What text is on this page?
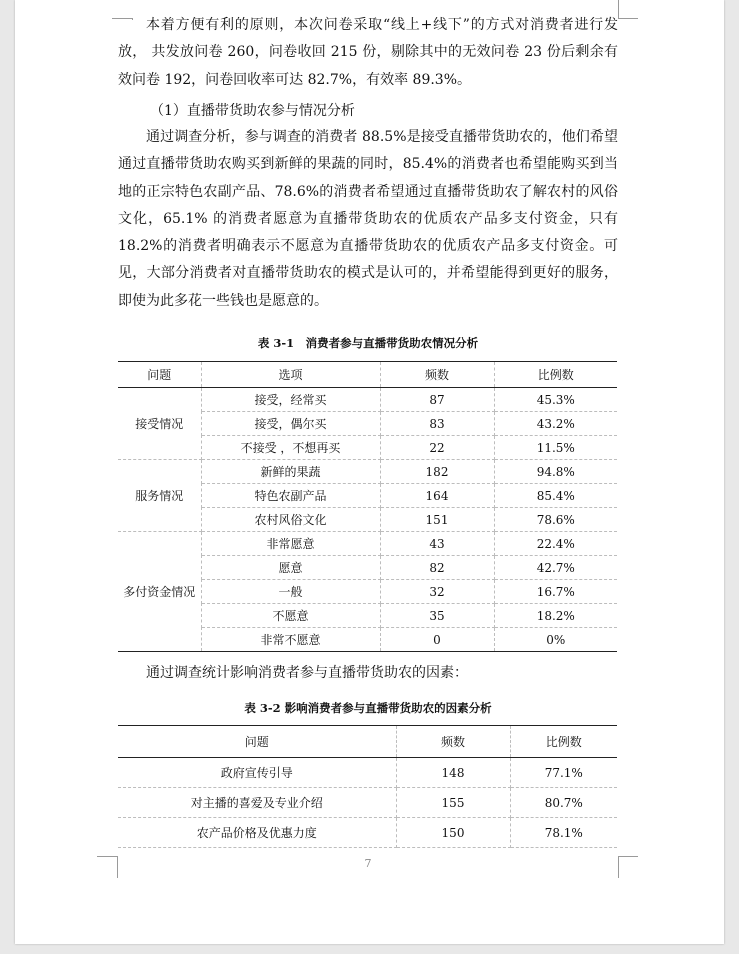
本着方便有利的原则，本次问卷采取“线上+线下”的方式对消费者进行发放， 共发放问卷 260，问卷收回 215 份，剔除其中的无效问卷 23 份后剩余有效问卷 192，问卷回收率可达 82.7%，有效率 89.3%。

（1）直播带货助农参与情况分析

通过调查分析，参与调查的消费者 88.5%是接受直播带货助农的，他们希望通过直播带货助农购买到新鲜的果蔬的同时，85.4%的消费者也希望能购买到当地的正宗特色农副产品、78.6%的消费者希望通过直播带货助农了解农村的风俗文化，65.1% 的消费者愿意为直播带货助农的优质农产品多支付资金，只有 18.2%的消费者明确表示不愿意为直播带货助农的优质农产品多支付资金。可见，大部分消费者对直播带货助农的模式是认可的，并希望能得到更好的服务，即使为此多花一些钱也是愿意的。

表 3-1　消费者参与直播带货助农情况分析

问题	选项	频数	比例数
接受情况	接受，经常买	87	45.3%
	接受，偶尔买	83	43.2%
	不接受 ，不想再买	22	11.5%
服务情况	新鲜的果蔬	182	94.8%
	特色农副产品	164	85.4%
	农村风俗文化	151	78.6%
多付资金情况	非常愿意	43	22.4%
	愿意	82	42.7%
	一般	32	16.7%
	不愿意	35	18.2%
	非常不愿意	0	0%

通过调查统计影响消费者参与直播带货助农的因素：

表 3-2 影响消费者参与直播带货助农的因素分析

问题	频数	比例数
政府宣传引导	148	77.1%
对主播的喜爱及专业介绍	155	80.7%
农产品价格及优惠力度	150	78.1%

7
